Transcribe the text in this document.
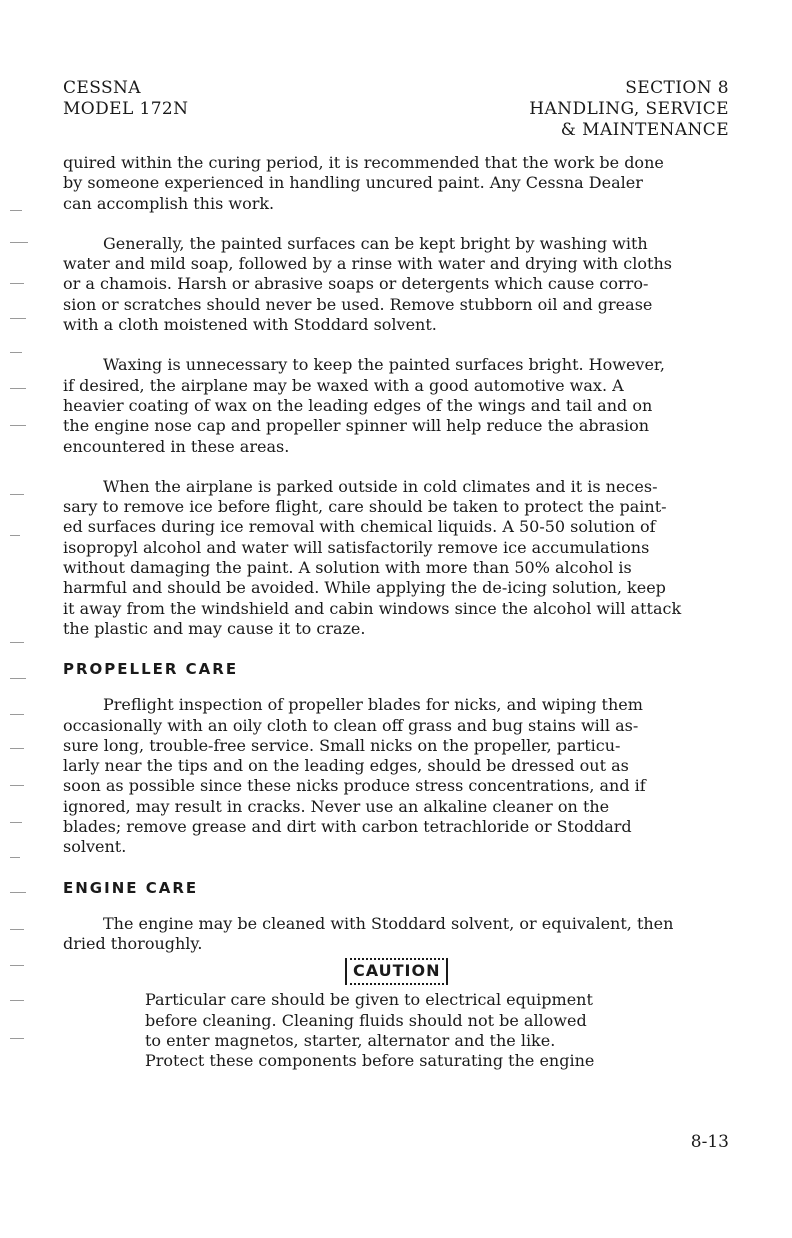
CESSNA
MODEL 172N
SECTION 8
HANDLING, SERVICE
& MAINTENANCE

quired within the curing period, it is recommended that the work be done
by someone experienced in handling uncured paint. Any Cessna Dealer
can accomplish this work.

Generally, the painted surfaces can be kept bright by washing with
water and mild soap, followed by a rinse with water and drying with cloths
or a chamois. Harsh or abrasive soaps or detergents which cause corro-
sion or scratches should never be used. Remove stubborn oil and grease
with a cloth moistened with Stoddard solvent.

Waxing is unnecessary to keep the painted surfaces bright. However,
if desired, the airplane may be waxed with a good automotive wax. A
heavier coating of wax on the leading edges of the wings and tail and on
the engine nose cap and propeller spinner will help reduce the abrasion
encountered in these areas.

When the airplane is parked outside in cold climates and it is neces-
sary to remove ice before flight, care should be taken to protect the paint-
ed surfaces during ice removal with chemical liquids. A 50-50 solution of
isopropyl alcohol and water will satisfactorily remove ice accumulations
without damaging the paint. A solution with more than 50% alcohol is
harmful and should be avoided. While applying the de-icing solution, keep
it away from the windshield and cabin windows since the alcohol will attack
the plastic and may cause it to craze.

PROPELLER CARE

Preflight inspection of propeller blades for nicks, and wiping them
occasionally with an oily cloth to clean off grass and bug stains will as-
sure long, trouble-free service. Small nicks on the propeller, particu-
larly near the tips and on the leading edges, should be dressed out as
soon as possible since these nicks produce stress concentrations, and if
ignored, may result in cracks. Never use an alkaline cleaner on the
blades; remove grease and dirt with carbon tetrachloride or Stoddard
solvent.

ENGINE CARE

The engine may be cleaned with Stoddard solvent, or equivalent, then
dried thoroughly.

CAUTION

Particular care should be given to electrical equipment
before cleaning. Cleaning fluids should not be allowed
to enter magnetos, starter, alternator and the like.
Protect these components before saturating the engine

8-13
